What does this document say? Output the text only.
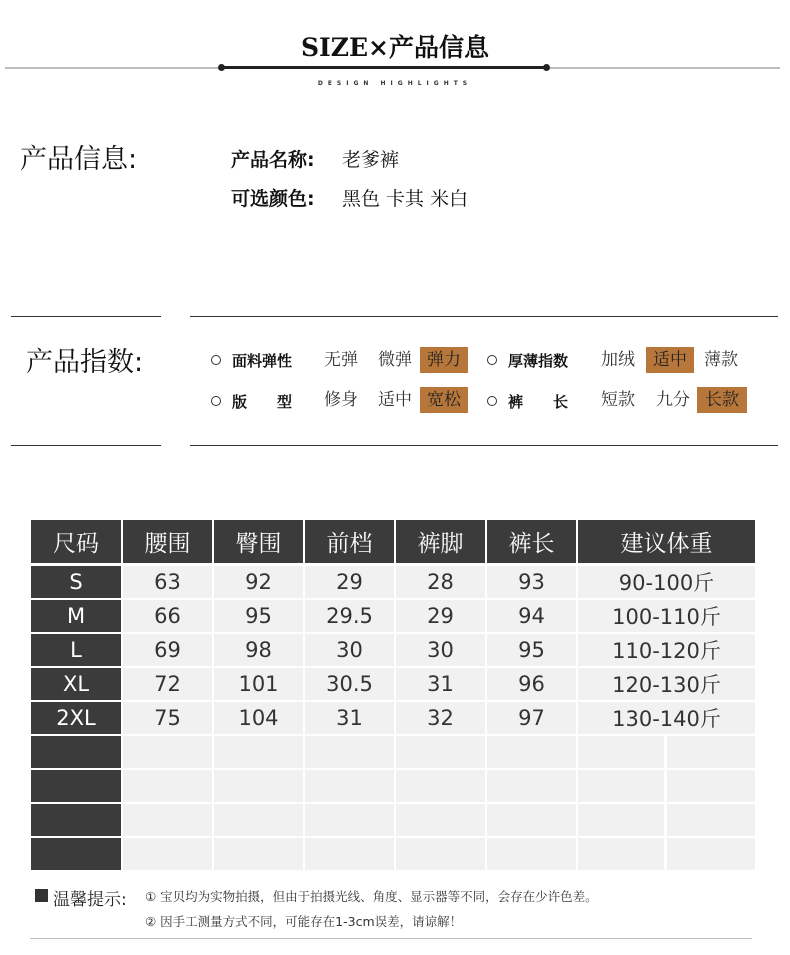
SIZE×产品信息
DESIGN HIGHLIGHTS
产品信息:	产品名称: 老爹裤
可选颜色: 黑色 卡其 米白
产品指数:	面料弹性 无弹 微弹 弹力	厚薄指数 加绒	适中	薄款
版　　型 修身 适中 宽松	裤　　长 短款 九分 长款
尺码	腰围	臀围	前档	裤脚	裤长	建议体重
S	63	92	29	28	93	90-100斤
M	66	95	29.5	29	94	100-110斤
L	69	98	30	30	95	110-120斤
XL	72	101	30.5	31	96	120-130斤
2XL	75	104	31	32	97	130-140斤
温馨提示: ① 宝贝均为实物拍摄，但由于拍摄光线、角度、显示器等不同，会存在少许色差。
② 因手工测量方式不同，可能存在1-3cm误差，请谅解！
